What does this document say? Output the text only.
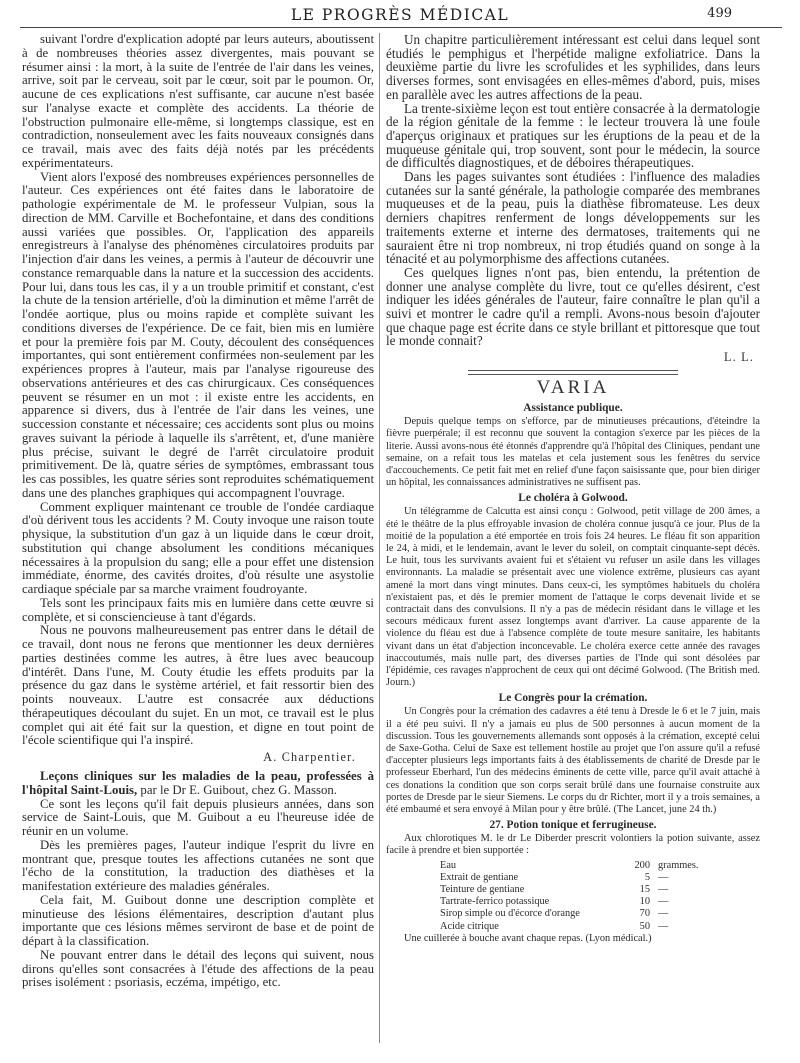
LE PROGRÈS MÉDICAL	499

suivant l'ordre d'explication adopté par leurs auteurs, aboutissent à de nombreuses théories assez divergentes, mais pouvant se résumer ainsi : la mort, à la suite de l'entrée de l'air dans les veines, arrive, soit par le cerveau, soit par le cœur, soit par le poumon. Or, aucune de ces explications n'est suffisante, car aucune n'est basée sur l'analyse exacte et complète des accidents. La théorie de l'obstruction pulmonaire elle-même, si longtemps classique, est en contradiction, nonseulement avec les faits nouveaux consignés dans ce travail, mais avec des faits déjà notés par les précédents expérimentateurs.

Vient alors l'exposé des nombreuses expériences personnelles de l'auteur. Ces expériences ont été faites dans le laboratoire de pathologie expérimentale de M. le professeur Vulpian, sous la direction de MM. Carville et Bochefontaine, et dans des conditions aussi variées que possibles. Or, l'application des appareils enregistreurs à l'analyse des phénomènes circulatoires produits par l'injection d'air dans les veines, a permis à l'auteur de découvrir une constance remarquable dans la nature et la succession des accidents. Pour lui, dans tous les cas, il y a un trouble primitif et constant, c'est la chute de la tension artérielle, d'où la diminution et même l'arrêt de l'ondée aortique, plus ou moins rapide et complète suivant les conditions diverses de l'expérience. De ce fait, bien mis en lumière et pour la première fois par M. Couty, découlent des conséquences importantes, qui sont entièrement confirmées non-seulement par les expériences propres à l'auteur, mais par l'analyse rigoureuse des observations antérieures et des cas chirurgicaux. Ces conséquences peuvent se résumer en un mot : il existe entre les accidents, en apparence si divers, dus à l'entrée de l'air dans les veines, une succession constante et nécessaire; ces accidents sont plus ou moins graves suivant la période à laquelle ils s'arrêtent, et, d'une manière plus précise, suivant le degré de l'arrêt circulatoire produit primitivement. De là, quatre séries de symptômes, embrassant tous les cas possibles, les quatre séries sont reproduites schématiquement dans une des planches graphiques qui accompagnent l'ouvrage.

Comment expliquer maintenant ce trouble de l'ondée cardiaque d'où dérivent tous les accidents ? M. Couty invoque une raison toute physique, la substitution d'un gaz à un liquide dans le cœur droit, substitution qui change absolument les conditions mécaniques nécessaires à la propulsion du sang; elle a pour effet une distension immédiate, énorme, des cavités droites, d'où résulte une asystolie cardiaque spéciale par sa marche vraiment foudroyante.

Tels sont les principaux faits mis en lumière dans cette œuvre si complète, et si consciencieuse à tant d'égards.

Nous ne pouvons malheureusement pas entrer dans le détail de ce travail, dont nous ne ferons que mentionner les deux dernières parties destinées comme les autres, à être lues avec beaucoup d'intérêt. Dans l'une, M. Couty étudie les effets produits par la présence du gaz dans le système artériel, et fait ressortir bien des points nouveaux. L'autre est consacrée aux déductions thérapeutiques découlant du sujet. En un mot, ce travail est le plus complet qui ait été fait sur la question, et digne en tout point de l'école scientifique qui l'a inspiré.

A. Charpentier.

Leçons cliniques sur les maladies de la peau, professées à l'hôpital Saint-Louis, par le Dr E. Guibout, chez G. Masson.

Ce sont les leçons qu'il fait depuis plusieurs années, dans son service de Saint-Louis, que M. Guibout a eu l'heureuse idée de réunir en un volume.

Dès les premières pages, l'auteur indique l'esprit du livre en montrant que, presque toutes les affections cutanées ne sont que l'écho de la constitution, la traduction des diathèses et la manifestation extérieure des maladies générales.

Cela fait, M. Guibout donne une description complète et minutieuse des lésions élémentaires, description d'autant plus importante que ces lésions mêmes serviront de base et de point de départ à la classification.

Ne pouvant entrer dans le détail des leçons qui suivent, nous dirons qu'elles sont consacrées à l'étude des affections de la peau prises isolément : psoriasis, eczéma, impétigo, etc.

Un chapitre particulièrement intéressant est celui dans lequel sont étudiés le pemphigus et l'herpétide maligne exfoliatrice. Dans la deuxième partie du livre les scrofulides et les syphilides, dans leurs diverses formes, sont envisagées en elles-mêmes d'abord, puis, mises en parallèle avec les autres affections de la peau.

La trente-sixième leçon est tout entière consacrée à la dermatologie de la région génitale de la femme : le lecteur trouvera là une foule d'aperçus originaux et pratiques sur les éruptions de la peau et de la muqueuse génitale qui, trop souvent, sont pour le médecin, la source de difficultés diagnostiques, et de déboires thérapeutiques.

Dans les pages suivantes sont étudiées : l'influence des maladies cutanées sur la santé générale, la pathologie comparée des membranes muqueuses et de la peau, puis la diathèse fibromateuse. Les deux derniers chapitres renferment de longs développements sur les traitements externe et interne des dermatoses, traitements qui ne sauraient être ni trop nombreux, ni trop étudiés quand on songe à la ténacité et au polymorphisme des affections cutanées.

Ces quelques lignes n'ont pas, bien entendu, la prétention de donner une analyse complète du livre, tout ce qu'elles désirent, c'est indiquer les idées générales de l'auteur, faire connaître le plan qu'il a suivi et montrer le cadre qu'il a rempli. Avons-nous besoin d'ajouter que chaque page est écrite dans ce style brillant et pittoresque que tout le monde connait?

L. L.
VARIA
Assistance publique.

Depuis quelque temps on s'efforce, par de minutieuses précautions, d'éteindre la fièvre puerpérale; il est reconnu que souvent la contagion s'exerce par les pièces de la literie. Aussi avons-nous été étonnés d'apprendre qu'à l'hôpital des Cliniques, pendant une semaine, on a refait tous les matelas et cela justement sous les fenêtres du service d'accouchements. Ce petit fait met en relief d'une façon saisissante que, pour bien diriger un hôpital, les connaissances administratives ne suffisent pas.

Le choléra à Golwood.

Un télégramme de Calcutta est ainsi conçu : Golwood, petit village de 200 âmes, a été le théâtre de la plus effroyable invasion de choléra connue jusqu'à ce jour. Plus de la moitié de la population a été emportée en trois fois 24 heures. Le fléau fit son apparition le 24, à midi, et le lendemain, avant le lever du soleil, on comptait cinquante-sept décès. Le huit, tous les survivants avaient fui et s'étaient vu refuser un asile dans les villages environnants. La maladie se présentait avec une violence extrême, plusieurs cas ayant amené la mort dans vingt minutes. Dans ceux-ci, les symptômes habituels du choléra n'existaient pas, et dès le premier moment de l'attaque le corps devenait livide et se contractait dans des convulsions. Il n'y a pas de médecin résidant dans le village et les secours médicaux furent assez longtemps avant d'arriver. La cause apparente de la violence du fléau est due à l'absence complète de toute mesure sanitaire, les habitants vivant dans un état d'abjection inconcevable. Le choléra exerce cette année des ravages inaccoutumés, mais nulle part, des diverses parties de l'Inde qui sont désolées par l'épidémie, ces ravages n'approchent de ceux qui ont décimé Golwood. (The British med. Journ.)

Le Congrès pour la crémation.

Un Congrès pour la crémation des cadavres a été tenu à Dresde le 6 et le 7 juin, mais il a été peu suivi. Il n'y a jamais eu plus de 500 personnes à aucun moment de la discussion. Tous les gouvernements allemands sont opposés à la crémation, excepté celui de Saxe-Gotha. Celui de Saxe est tellement hostile au projet que l'on assure qu'il a refusé d'accepter plusieurs legs importants faits à des établissements de charité de Dresde par le professeur Eberhard, l'un des médecins éminents de cette ville, parce qu'il avait attaché à ces donations la condition que son corps serait brûlé dans une fournaise construite aux portes de Dresde par le sieur Siemens. Le corps du dr Richter, mort il y a trois semaines, a été embaumé et sera envoyé à Milan pour y être brûlé. (The Lancet, june 24 th.)

27. Potion tonique et ferrugineuse.

Aux chlorotiques M. le dr Le Diberder prescrit volontiers la potion suivante, assez facile à prendre et bien supportée :

Eau	200 grammes.
Extrait de gentiane	5 —
Teinture de gentiane	15 —
Tartrate-ferrico potassique	10 —
Sirop simple ou d'écorce d'orange	70 —
Acide citrique	50 —

Une cuillerée à bouche avant chaque repas. (Lyon médical.)
